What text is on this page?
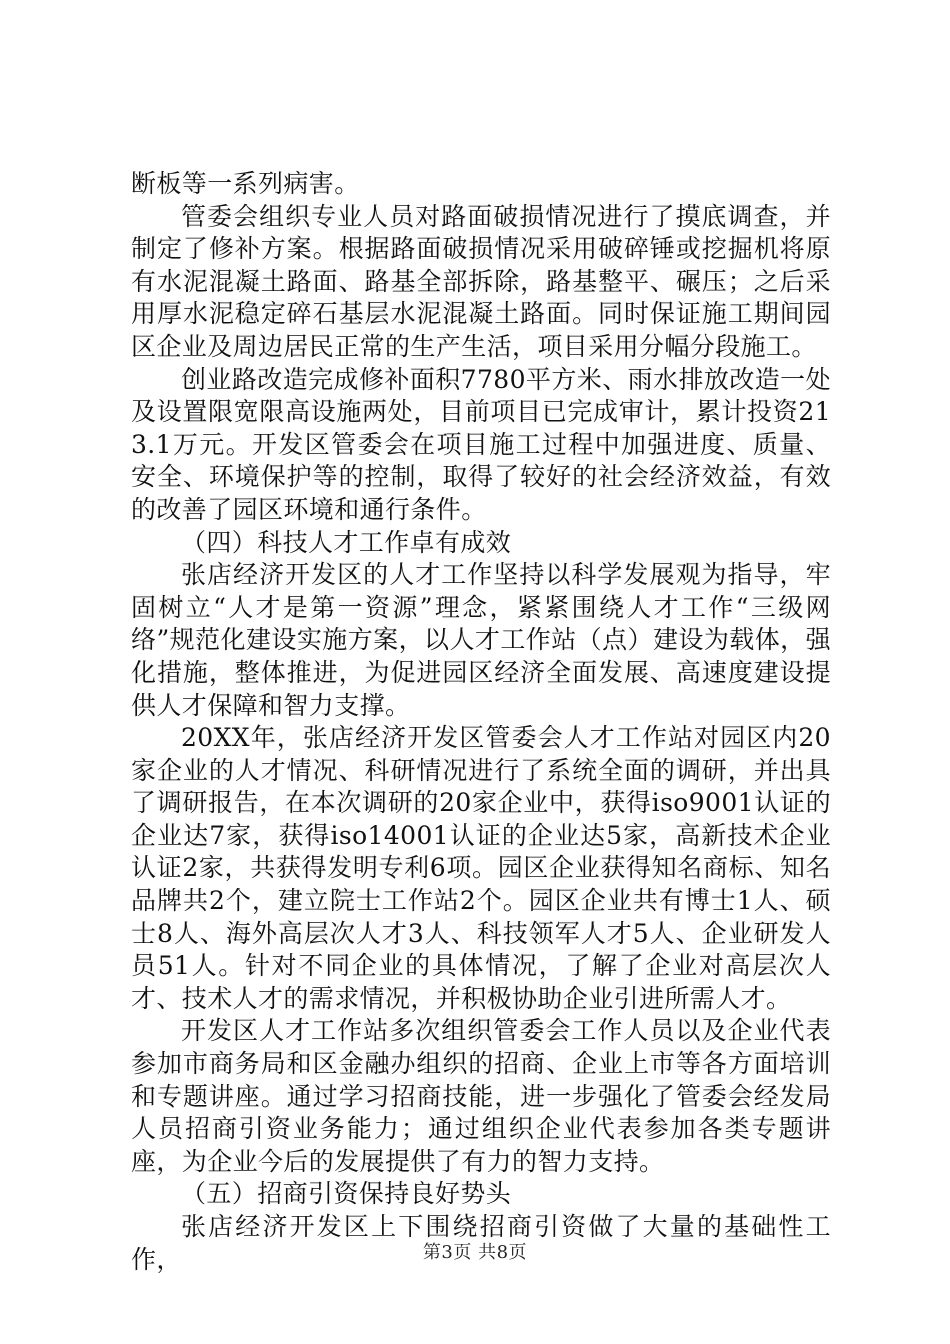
断板等一系列病害。

管委会组织专业人员对路面破损情况进行了摸底调查，并制定了修补方案。根据路面破损情况采用破碎锤或挖掘机将原有水泥混凝土路面、路基全部拆除，路基整平、碾压；之后采用厚水泥稳定碎石基层水泥混凝土路面。同时保证施工期间园区企业及周边居民正常的生产生活，项目采用分幅分段施工。

创业路改造完成修补面积7780平方米、雨水排放改造一处及设置限宽限高设施两处，目前项目已完成审计，累计投资213.1万元。开发区管委会在项目施工过程中加强进度、质量、安全、环境保护等的控制，取得了较好的社会经济效益，有效的改善了园区环境和通行条件。

（四）科技人才工作卓有成效

张店经济开发区的人才工作坚持以科学发展观为指导，牢固树立“人才是第一资源”理念，紧紧围绕人才工作“三级网络”规范化建设实施方案，以人才工作站（点）建设为载体，强化措施，整体推进，为促进园区经济全面发展、高速度建设提供人才保障和智力支撑。

20XX年，张店经济开发区管委会人才工作站对园区内20家企业的人才情况、科研情况进行了系统全面的调研，并出具了调研报告，在本次调研的20家企业中，获得iso9001认证的企业达7家，获得iso14001认证的企业达5家，高新技术企业认证2家，共获得发明专利6项。园区企业获得知名商标、知名品牌共2个，建立院士工作站2个。园区企业共有博士1人、硕士8人、海外高层次人才3人、科技领军人才5人、企业研发人员51人。针对不同企业的具体情况，了解了企业对高层次人才、技术人才的需求情况，并积极协助企业引进所需人才。

开发区人才工作站多次组织管委会工作人员以及企业代表参加市商务局和区金融办组织的招商、企业上市等各方面培训和专题讲座。通过学习招商技能，进一步强化了管委会经发局人员招商引资业务能力；通过组织企业代表参加各类专题讲座，为企业今后的发展提供了有力的智力支持。

（五）招商引资保持良好势头

张店经济开发区上下围绕招商引资做了大量的基础性工作，	第3页 共8页
